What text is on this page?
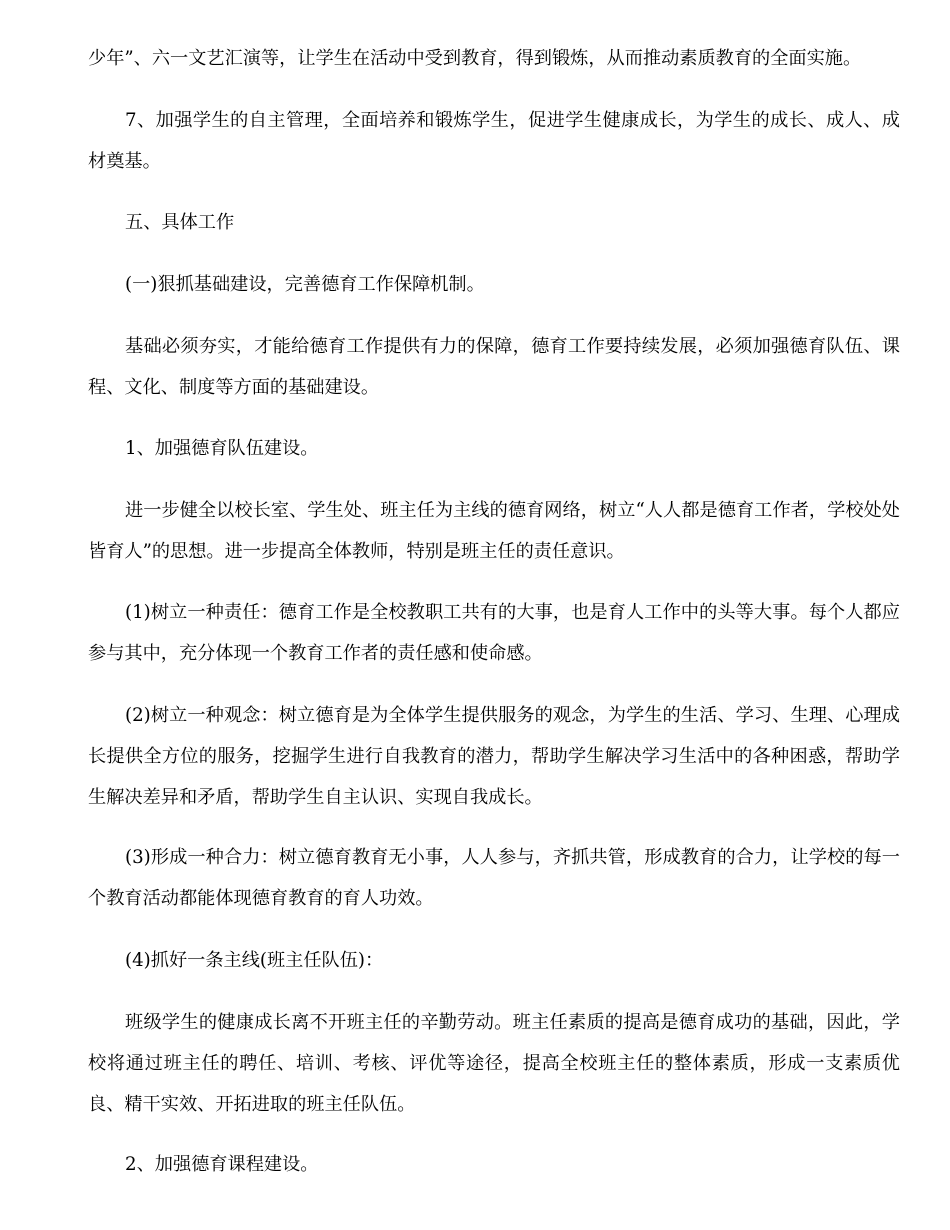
少年”、六一文艺汇演等，让学生在活动中受到教育，得到锻炼，从而推动素质教育的全面实施。

7、加强学生的自主管理，全面培养和锻炼学生，促进学生健康成长，为学生的成长、成人、成材奠基。

五、具体工作

(一)狠抓基础建设，完善德育工作保障机制。

基础必须夯实，才能给德育工作提供有力的保障，德育工作要持续发展，必须加强德育队伍、课程、文化、制度等方面的基础建设。

1、加强德育队伍建设。

进一步健全以校长室、学生处、班主任为主线的德育网络，树立“人人都是德育工作者，学校处处皆育人”的思想。进一步提高全体教师，特别是班主任的责任意识。

(1)树立一种责任：德育工作是全校教职工共有的大事，也是育人工作中的头等大事。每个人都应参与其中，充分体现一个教育工作者的责任感和使命感。

(2)树立一种观念：树立德育是为全体学生提供服务的观念，为学生的生活、学习、生理、心理成长提供全方位的服务，挖掘学生进行自我教育的潜力，帮助学生解决学习生活中的各种困惑，帮助学生解决差异和矛盾，帮助学生自主认识、实现自我成长。

(3)形成一种合力：树立德育教育无小事，人人参与，齐抓共管，形成教育的合力，让学校的每一个教育活动都能体现德育教育的育人功效。

(4)抓好一条主线(班主任队伍)：

班级学生的健康成长离不开班主任的辛勤劳动。班主任素质的提高是德育成功的基础，因此，学校将通过班主任的聘任、培训、考核、评优等途径，提高全校班主任的整体素质，形成一支素质优良、精干实效、开拓进取的班主任队伍。

2、加强德育课程建设。
